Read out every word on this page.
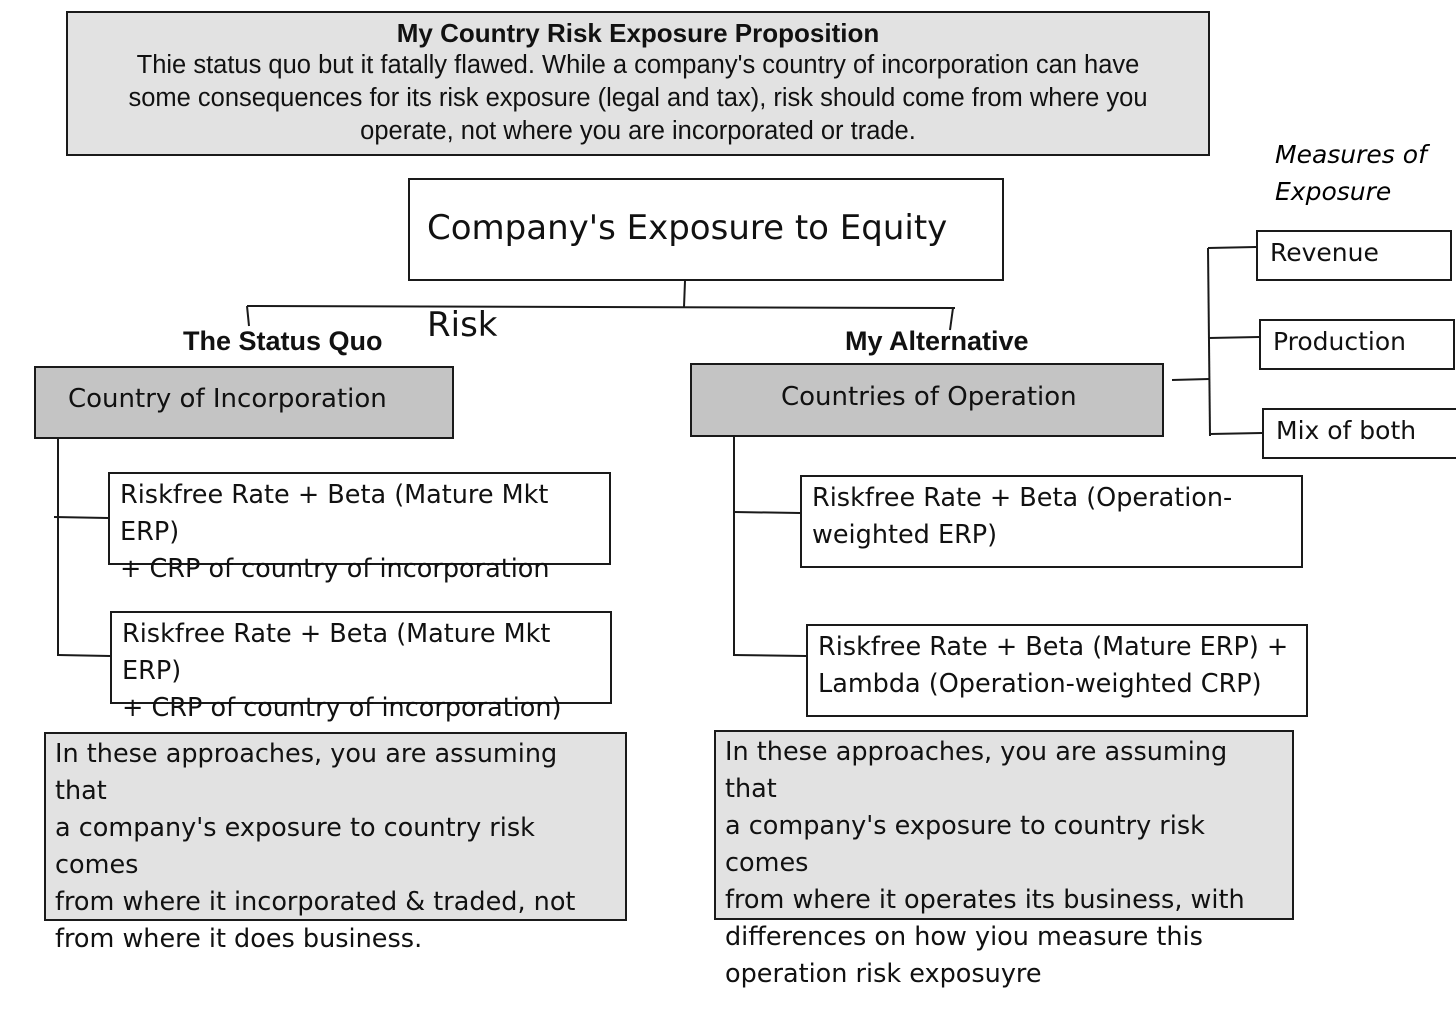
My Country Risk Exposure Proposition
Thie status quo but it fatally flawed. While a company's country of incorporation can have
some consequences for its risk exposure (legal and tax), risk should come from where you
operate, not where you are incorporated or trade.
Company's Exposure to Equity Risk
The Status Quo	My Alternative
Country of Incorporation	Countries of Operation
Riskfree Rate + Beta (Mature Mkt ERP)
+ CRP of country of incorporation
Riskfree Rate + Beta (Mature Mkt ERP)
+ CRP of country of incorporation)
Riskfree Rate + Beta (Operation-
weighted ERP)
Riskfree Rate + Beta (Mature ERP) +
Lambda (Operation-weighted CRP)
In these approaches, you are assuming that
a company's exposure to country risk comes
from where it incorporated & traded, not
from where it does business.
In these approaches, you are assuming that
a company's exposure to country risk comes
from where it operates its business, with
differences on how yiou measure this
operation risk exposuyre
Measures of
Exposure
Revenue
Production
Mix of both
